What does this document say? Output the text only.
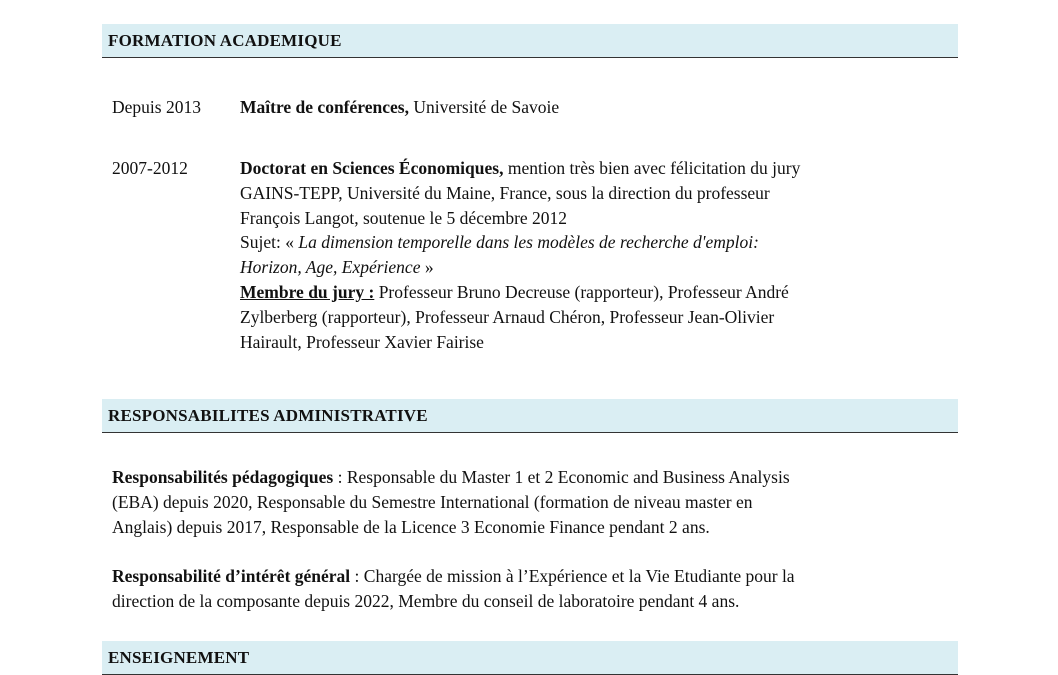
FORMATION ACADEMIQUE
Depuis 2013	Maître de conférences, Université de Savoie
2007-2012	Doctorat en Sciences Économiques, mention très bien avec félicitation du jury
GAINS-TEPP, Université du Maine, France, sous la direction du professeur
François Langot, soutenue le 5 décembre 2012
Sujet: « La dimension temporelle dans les modèles de recherche d'emploi:
Horizon, Age, Expérience »
Membre du jury : Professeur Bruno Decreuse (rapporteur), Professeur André
Zylberberg (rapporteur), Professeur Arnaud Chéron, Professeur Jean-Olivier
Hairault, Professeur Xavier Fairise
RESPONSABILITES ADMINISTRATIVE
Responsabilités pédagogiques : Responsable du Master 1 et 2 Economic and Business Analysis
(EBA) depuis 2020, Responsable du Semestre International (formation de niveau master en
Anglais) depuis 2017, Responsable de la Licence 3 Economie Finance pendant 2 ans.
Responsabilité d’intérêt général : Chargée de mission à l’Expérience et la Vie Etudiante pour la
direction de la composante depuis 2022, Membre du conseil de laboratoire pendant 4 ans.
ENSEIGNEMENT
